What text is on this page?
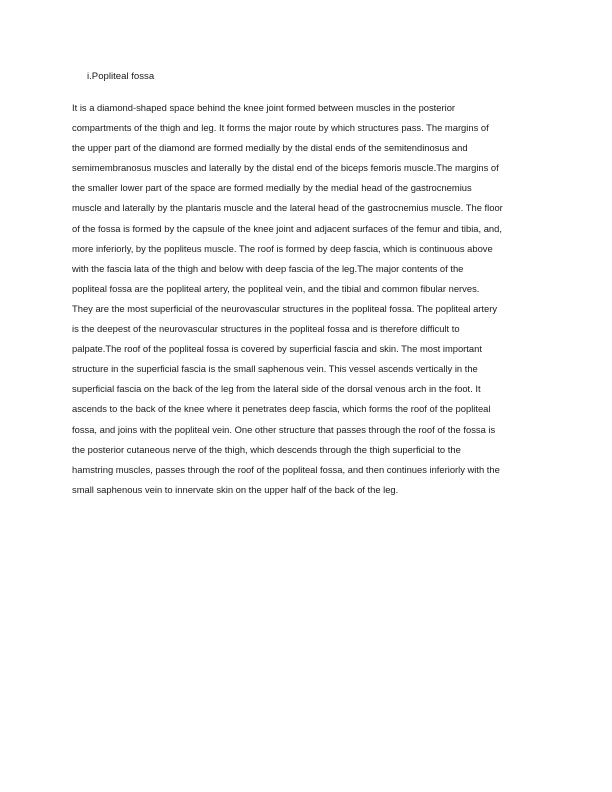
i.Popliteal fossa
It is a diamond-shaped space behind the knee joint formed between muscles in the posterior
compartments of the thigh and leg. It forms the major route by which structures pass. The margins of
the upper part of the diamond are formed medially by the distal ends of the semitendinosus and
semimembranosus muscles and laterally by the distal end of the biceps femoris muscle.The margins of
the smaller lower part of the space are formed medially by the medial head of the gastrocnemius
muscle and laterally by the plantaris muscle and the lateral head of the gastrocnemius muscle. The floor
of the fossa is formed by the capsule of the knee joint and adjacent surfaces of the femur and tibia, and,
more inferiorly, by the popliteus muscle. The roof is formed by deep fascia, which is continuous above
with the fascia lata of the thigh and below with deep fascia of the leg.The major contents of the
popliteal fossa are the popliteal artery, the popliteal vein, and the tibial and common fibular nerves.
They are the most superficial of the neurovascular structures in the popliteal fossa. The popliteal artery
is the deepest of the neurovascular structures in the popliteal fossa and is therefore difficult to
palpate.The roof of the popliteal fossa is covered by superficial fascia and skin. The most important
structure in the superficial fascia is the small saphenous vein. This vessel ascends vertically in the
superficial fascia on the back of the leg from the lateral side of the dorsal venous arch in the foot. It
ascends to the back of the knee where it penetrates deep fascia, which forms the roof of the popliteal
fossa, and joins with the popliteal vein. One other structure that passes through the roof of the fossa is
the posterior cutaneous nerve of the thigh, which descends through the thigh superficial to the
hamstring muscles, passes through the roof of the popliteal fossa, and then continues inferiorly with the
small saphenous vein to innervate skin on the upper half of the back of the leg.
